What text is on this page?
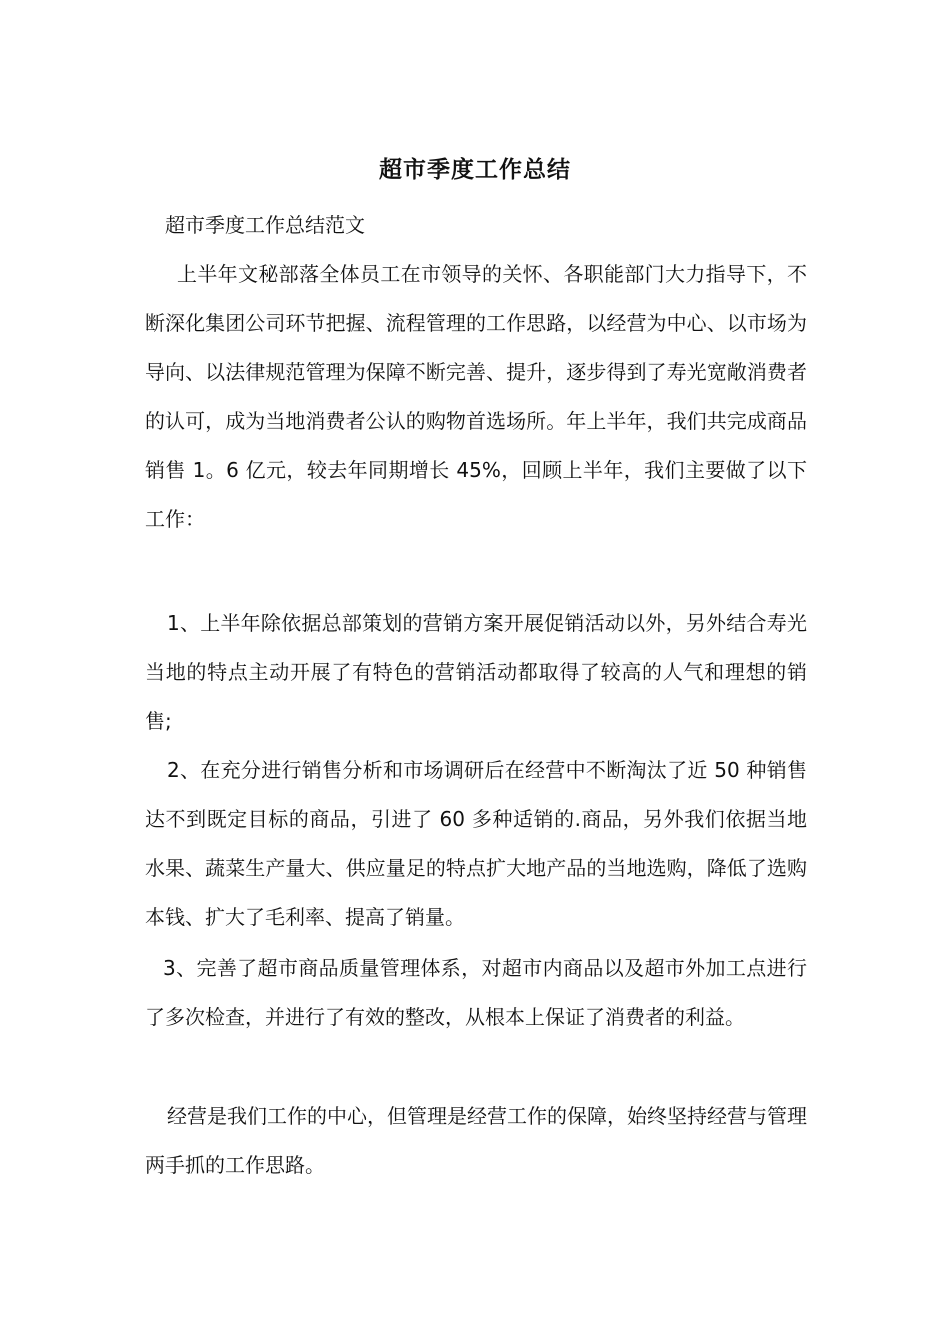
超市季度工作总结
超市季度工作总结范文
上半年文秘部落全体员工在市领导的关怀、各职能部门大力指导下，不断深化集团公司环节把握、流程管理的工作思路，以经营为中心、以市场为导向、以法律规范管理为保障不断完善、提升，逐步得到了寿光宽敞消费者的认可，成为当地消费者公认的购物首选场所。年上半年，我们共完成商品销售 1。6 亿元，较去年同期增长 45%，回顾上半年，我们主要做了以下工作：
1、上半年除依据总部策划的营销方案开展促销活动以外，另外结合寿光当地的特点主动开展了有特色的营销活动都取得了较高的人气和理想的销售;
2、在充分进行销售分析和市场调研后在经营中不断淘汰了近 50 种销售达不到既定目标的商品，引进了 60 多种适销的.商品，另外我们依据当地水果、蔬菜生产量大、供应量足的特点扩大地产品的当地选购，降低了选购本钱、扩大了毛利率、提高了销量。
3、完善了超市商品质量管理体系，对超市内商品以及超市外加工点进行了多次检查，并进行了有效的整改，从根本上保证了消费者的利益。
经营是我们工作的中心，但管理是经营工作的保障，始终坚持经营与管理两手抓的工作思路。
